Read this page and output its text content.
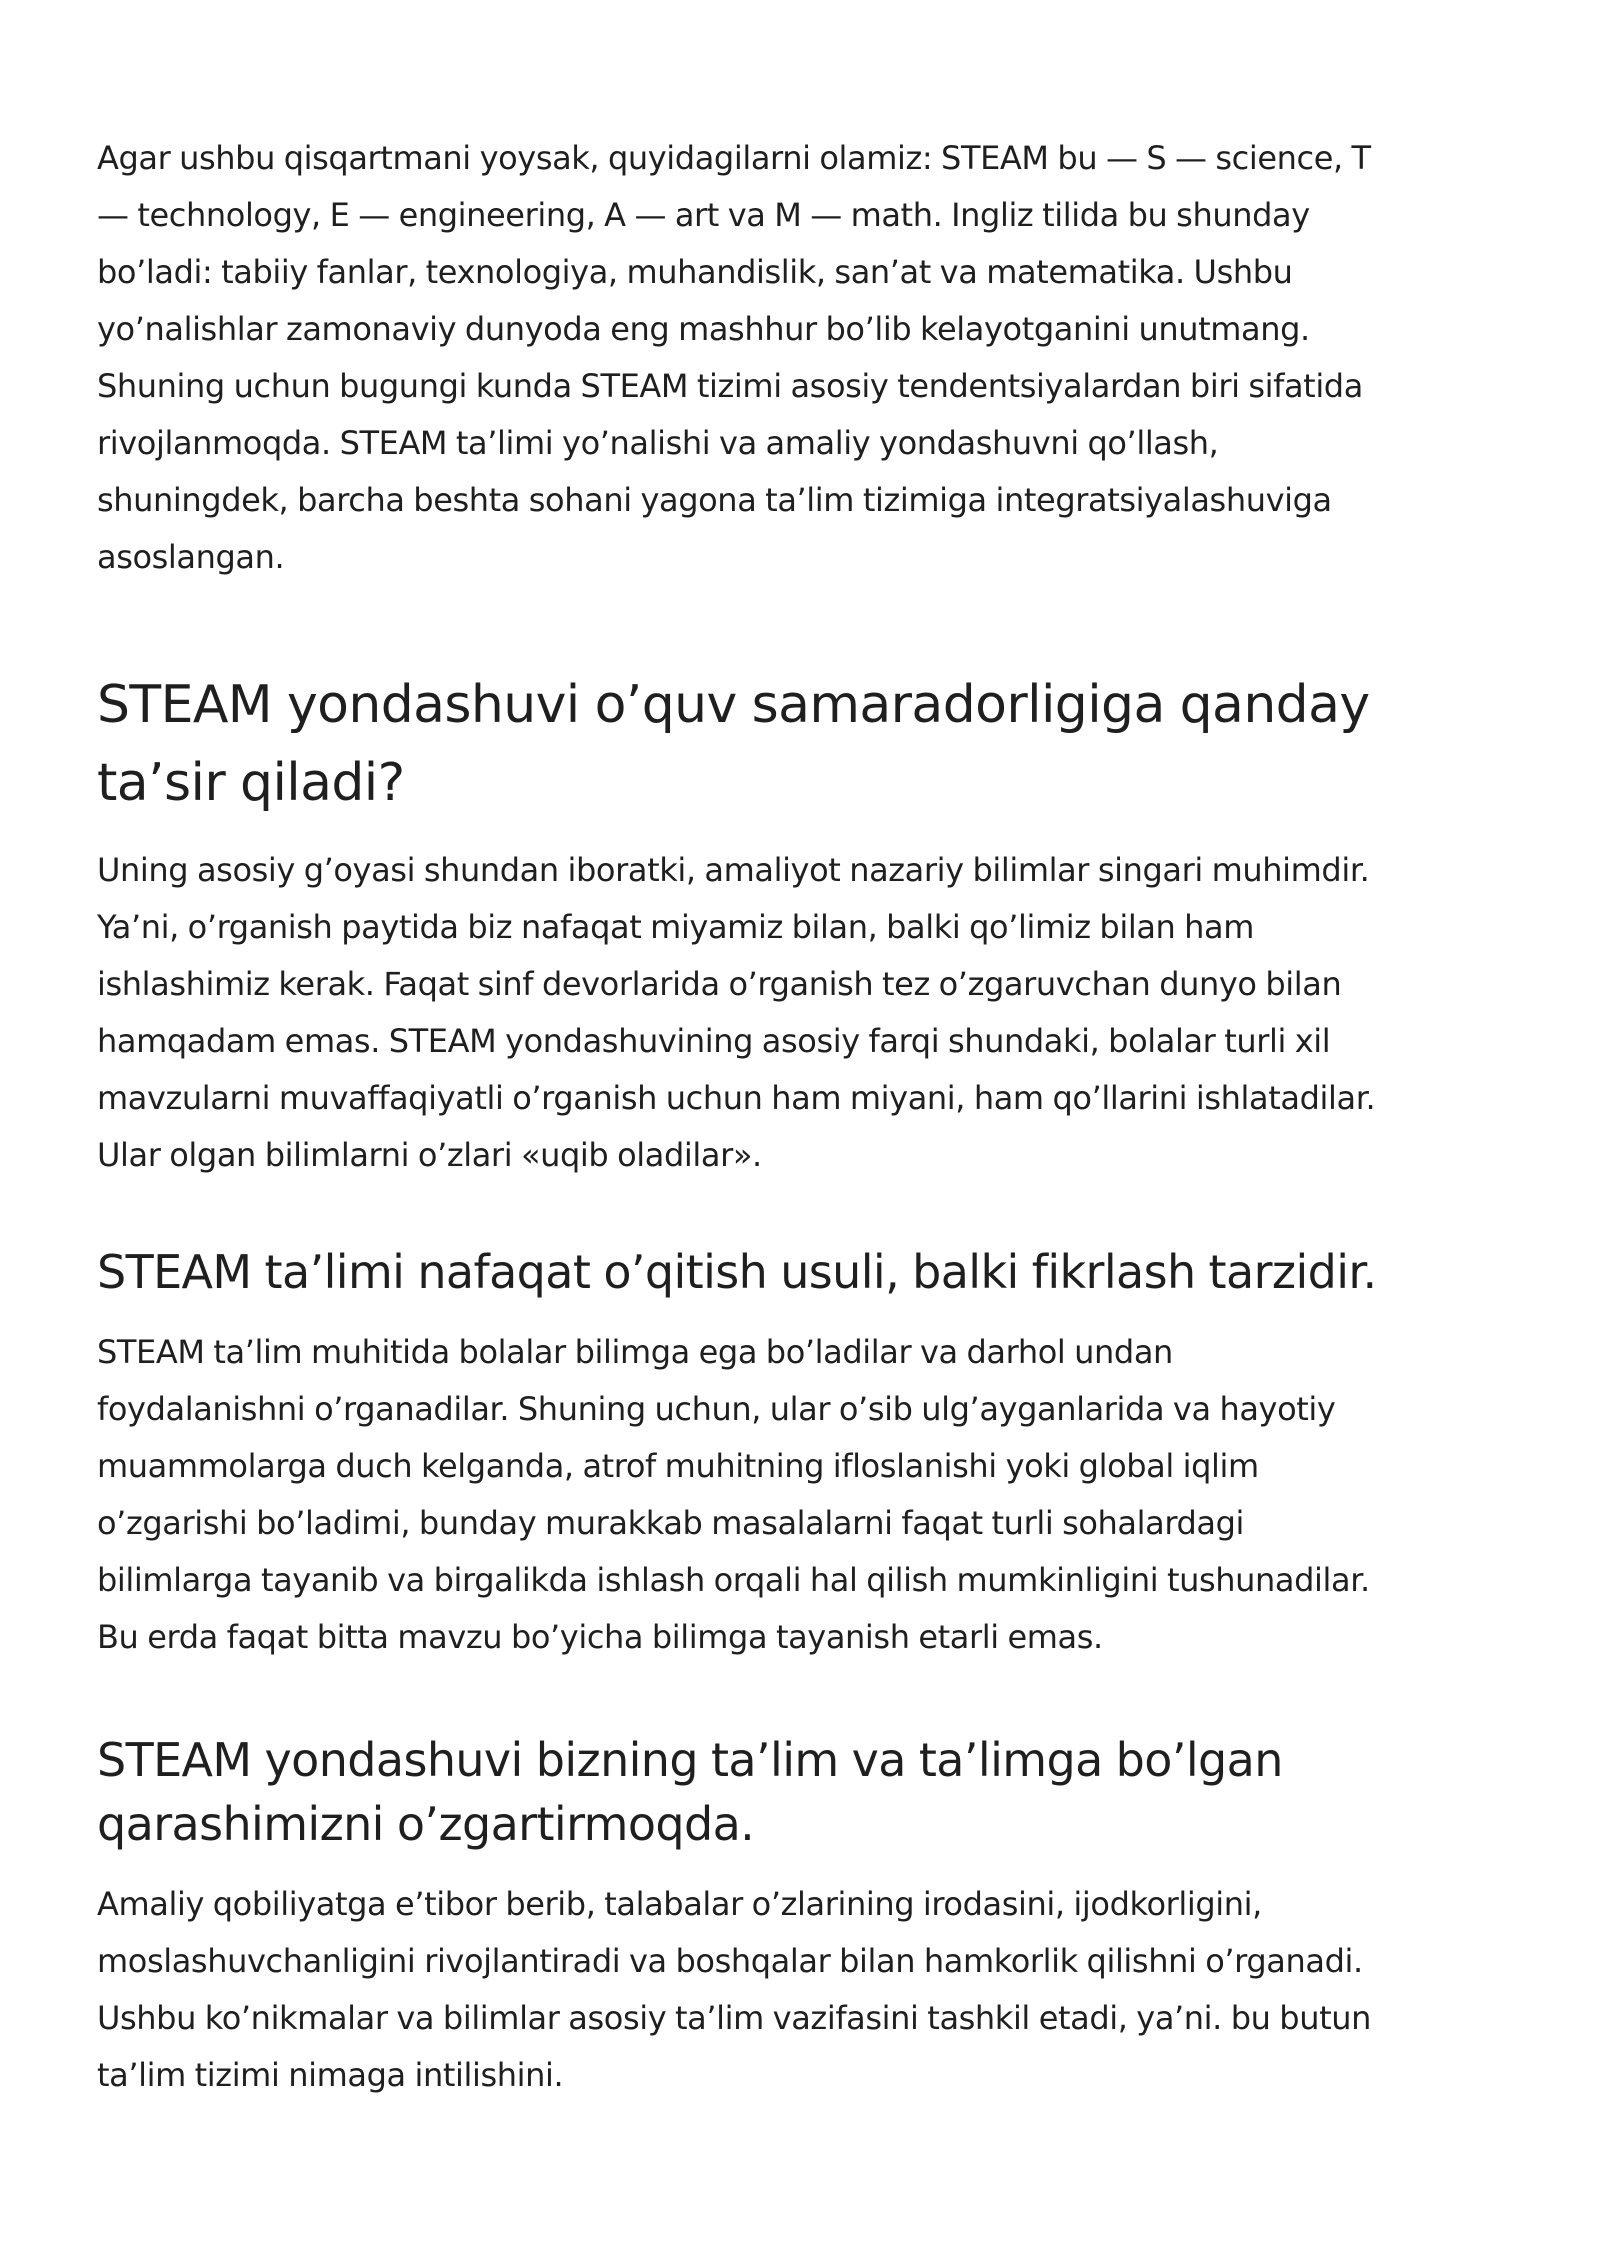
Agar ushbu qisqartmani yoysak, quyidagilarni olamiz: STEAM bu — S — science, T
— technology, E — engineering, A — art va M — math. Ingliz tilida bu shunday
bo’ladi: tabiiy fanlar, texnologiya, muhandislik, san’at va matematika. Ushbu
yo’nalishlar zamonaviy dunyoda eng mashhur bo’lib kelayotganini unutmang.
Shuning uchun bugungi kunda STEAM tizimi asosiy tendentsiyalardan biri sifatida
rivojlanmoqda. STEAM ta’limi yo’nalishi va amaliy yondashuvni qo’llash,
shuningdek, barcha beshta sohani yagona ta’lim tizimiga integratsiyalashuviga
asoslangan.

STEAM yondashuvi o’quv samaradorligiga qanday
ta’sir qiladi?

Uning asosiy g’oyasi shundan iboratki, amaliyot nazariy bilimlar singari muhimdir.
Ya’ni, o’rganish paytida biz nafaqat miyamiz bilan, balki qo’limiz bilan ham
ishlashimiz kerak. Faqat sinf devorlarida o’rganish tez o’zgaruvchan dunyo bilan
hamqadam emas. STEAM yondashuvining asosiy farqi shundaki, bolalar turli xil
mavzularni muvaffaqiyatli o’rganish uchun ham miyani, ham qo’llarini ishlatadilar.
Ular olgan bilimlarni o’zlari «uqib oladilar».

STEAM ta’limi nafaqat o’qitish usuli, balki fikrlash tarzidir.

STEAM ta’lim muhitida bolalar bilimga ega bo’ladilar va darhol undan
foydalanishni o’rganadilar. Shuning uchun, ular o’sib ulg’ayganlarida va hayotiy
muammolarga duch kelganda, atrof muhitning ifloslanishi yoki global iqlim
o’zgarishi bo’ladimi, bunday murakkab masalalarni faqat turli sohalardagi
bilimlarga tayanib va birgalikda ishlash orqali hal qilish mumkinligini tushunadilar.
Bu erda faqat bitta mavzu bo’yicha bilimga tayanish etarli emas.

STEAM yondashuvi bizning ta’lim va ta’limga bo’lgan
qarashimizni o’zgartirmoqda.

Amaliy qobiliyatga e’tibor berib, talabalar o’zlarining irodasini, ijodkorligini,
moslashuvchanligini rivojlantiradi va boshqalar bilan hamkorlik qilishni o’rganadi.
Ushbu ko’nikmalar va bilimlar asosiy ta’lim vazifasini tashkil etadi, ya’ni. bu butun
ta’lim tizimi nimaga intilishini.
